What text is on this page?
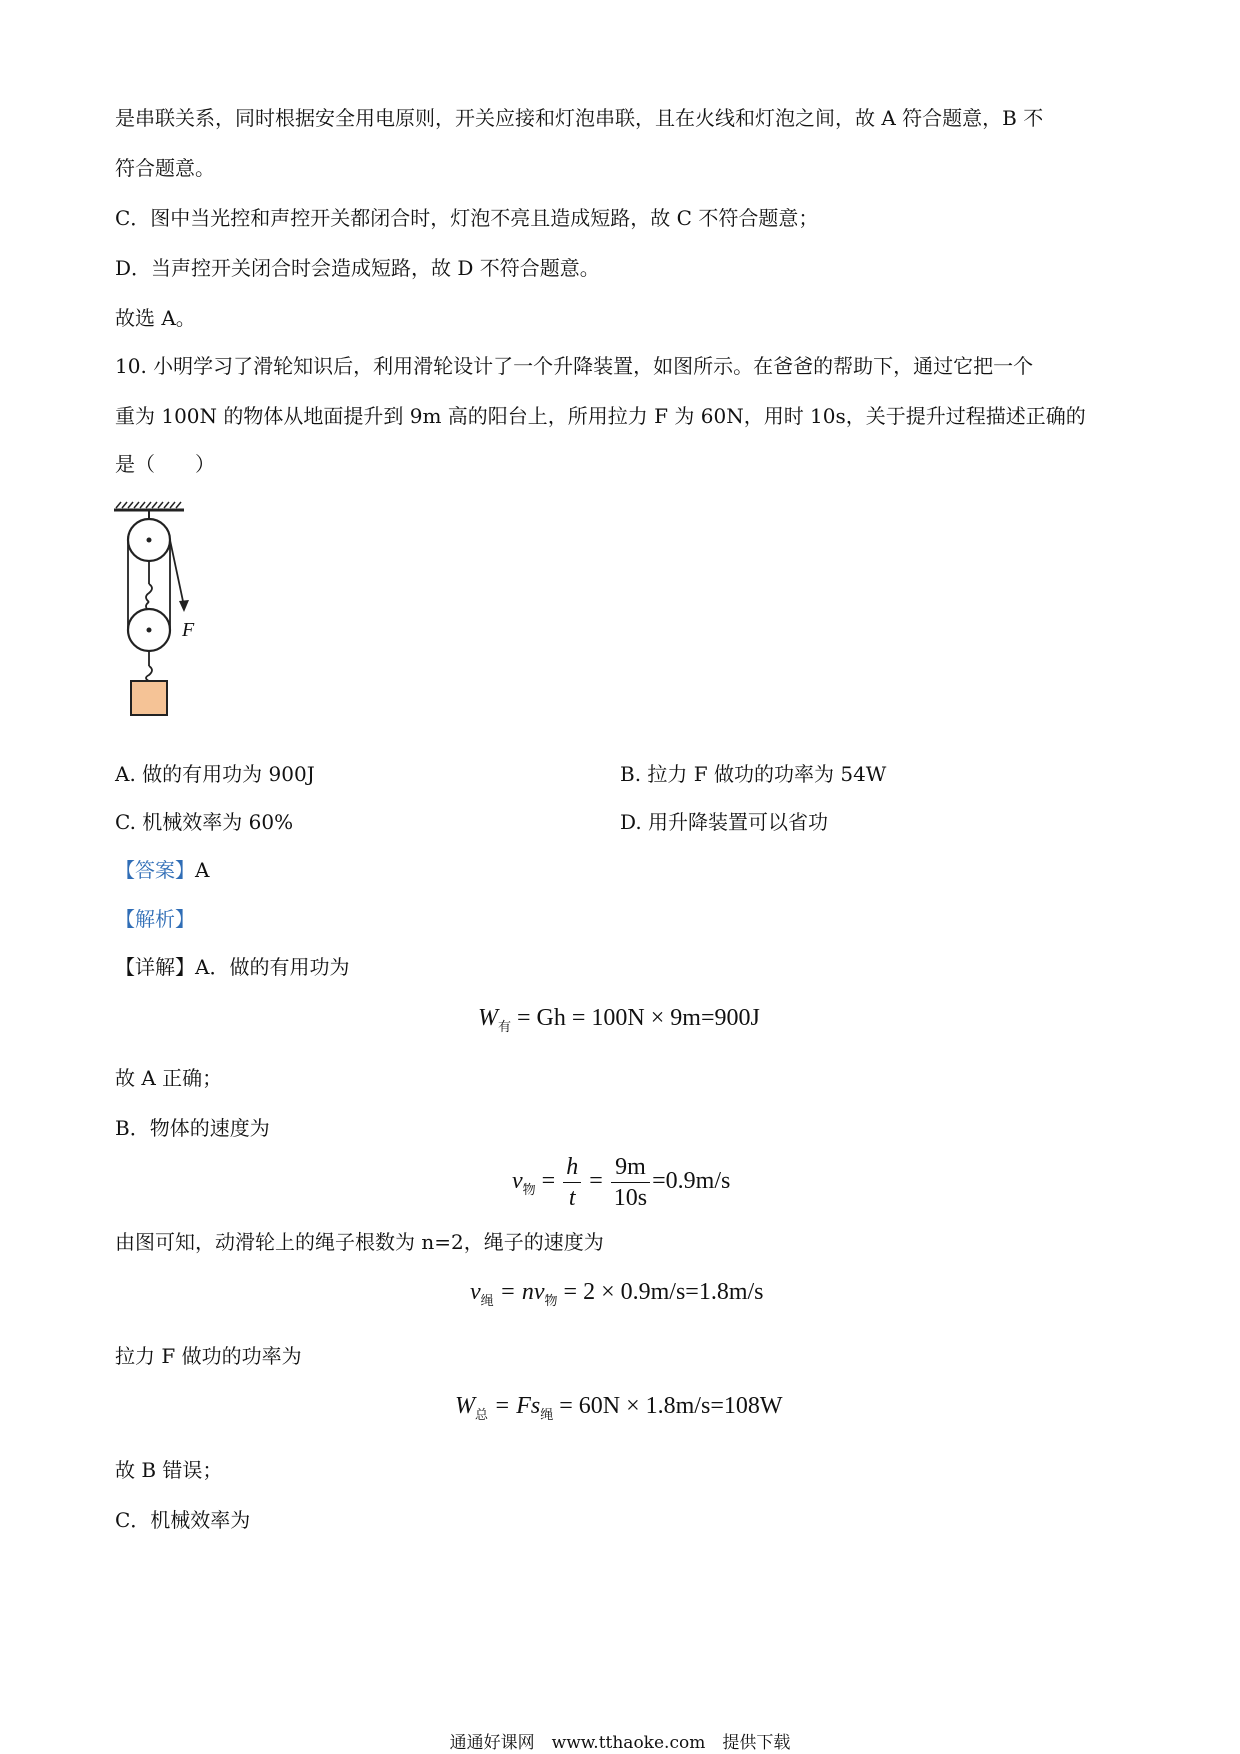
是串联关系，同时根据安全用电原则，开关应接和灯泡串联，且在火线和灯泡之间，故 A 符合题意，B 不
符合题意。
C．图中当光控和声控开关都闭合时，灯泡不亮且造成短路，故 C 不符合题意；
D．当声控开关闭合时会造成短路，故 D 不符合题意。
故选 A。
10. 小明学习了滑轮知识后，利用滑轮设计了一个升降装置，如图所示。在爸爸的帮助下，通过它把一个
重为 100N 的物体从地面提升到 9m 高的阳台上，所用拉力 F 为 60N，用时 10s，关于提升过程描述正确的
是（　　）
F
A. 做的有用功为 900J	B. 拉力 F 做功的功率为 54W
C. 机械效率为 60%	D. 用升降装置可以省功
【答案】A
【解析】
【详解】A．做的有用功为
$W_有 = Gh = 100N \times 9m=900J$
故 A 正确；
B．物体的速度为
$v_物 = \frac{h}{t} = \frac{9m}{10s} =0.9m/s$
由图可知，动滑轮上的绳子根数为 n=2，绳子的速度为
$v_绳 = nv_物 = 2 \times 0.9m/s=1.8m/s$
拉力 F 做功的功率为
$W_总 = Fs_绳 = 60N \times 1.8m/s=108W$
故 B 错误；
C．机械效率为
通通好课网　www.tthaoke.com　提供下载
